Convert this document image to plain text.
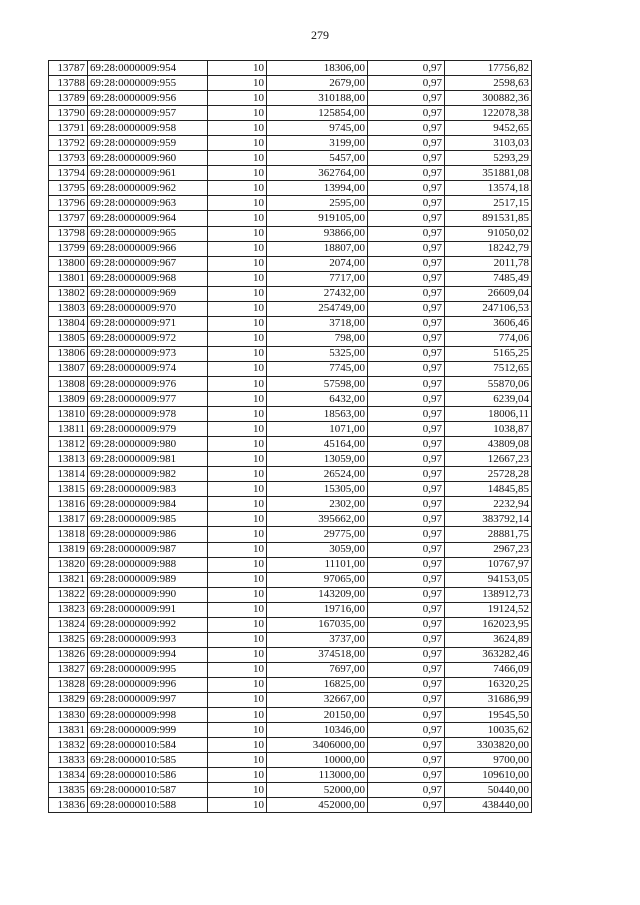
279
13787	69:28:0000009:954	10	18306,00	0,97	17756,82
13788	69:28:0000009:955	10	2679,00	0,97	2598,63
13789	69:28:0000009:956	10	310188,00	0,97	300882,36
13790	69:28:0000009:957	10	125854,00	0,97	122078,38
13791	69:28:0000009:958	10	9745,00	0,97	9452,65
13792	69:28:0000009:959	10	3199,00	0,97	3103,03
13793	69:28:0000009:960	10	5457,00	0,97	5293,29
13794	69:28:0000009:961	10	362764,00	0,97	351881,08
13795	69:28:0000009:962	10	13994,00	0,97	13574,18
13796	69:28:0000009:963	10	2595,00	0,97	2517,15
13797	69:28:0000009:964	10	919105,00	0,97	891531,85
13798	69:28:0000009:965	10	93866,00	0,97	91050,02
13799	69:28:0000009:966	10	18807,00	0,97	18242,79
13800	69:28:0000009:967	10	2074,00	0,97	2011,78
13801	69:28:0000009:968	10	7717,00	0,97	7485,49
13802	69:28:0000009:969	10	27432,00	0,97	26609,04
13803	69:28:0000009:970	10	254749,00	0,97	247106,53
13804	69:28:0000009:971	10	3718,00	0,97	3606,46
13805	69:28:0000009:972	10	798,00	0,97	774,06
13806	69:28:0000009:973	10	5325,00	0,97	5165,25
13807	69:28:0000009:974	10	7745,00	0,97	7512,65
13808	69:28:0000009:976	10	57598,00	0,97	55870,06
13809	69:28:0000009:977	10	6432,00	0,97	6239,04
13810	69:28:0000009:978	10	18563,00	0,97	18006,11
13811	69:28:0000009:979	10	1071,00	0,97	1038,87
13812	69:28:0000009:980	10	45164,00	0,97	43809,08
13813	69:28:0000009:981	10	13059,00	0,97	12667,23
13814	69:28:0000009:982	10	26524,00	0,97	25728,28
13815	69:28:0000009:983	10	15305,00	0,97	14845,85
13816	69:28:0000009:984	10	2302,00	0,97	2232,94
13817	69:28:0000009:985	10	395662,00	0,97	383792,14
13818	69:28:0000009:986	10	29775,00	0,97	28881,75
13819	69:28:0000009:987	10	3059,00	0,97	2967,23
13820	69:28:0000009:988	10	11101,00	0,97	10767,97
13821	69:28:0000009:989	10	97065,00	0,97	94153,05
13822	69:28:0000009:990	10	143209,00	0,97	138912,73
13823	69:28:0000009:991	10	19716,00	0,97	19124,52
13824	69:28:0000009:992	10	167035,00	0,97	162023,95
13825	69:28:0000009:993	10	3737,00	0,97	3624,89
13826	69:28:0000009:994	10	374518,00	0,97	363282,46
13827	69:28:0000009:995	10	7697,00	0,97	7466,09
13828	69:28:0000009:996	10	16825,00	0,97	16320,25
13829	69:28:0000009:997	10	32667,00	0,97	31686,99
13830	69:28:0000009:998	10	20150,00	0,97	19545,50
13831	69:28:0000009:999	10	10346,00	0,97	10035,62
13832	69:28:0000010:584	10	3406000,00	0,97	3303820,00
13833	69:28:0000010:585	10	10000,00	0,97	9700,00
13834	69:28:0000010:586	10	113000,00	0,97	109610,00
13835	69:28:0000010:587	10	52000,00	0,97	50440,00
13836	69:28:0000010:588	10	452000,00	0,97	438440,00
